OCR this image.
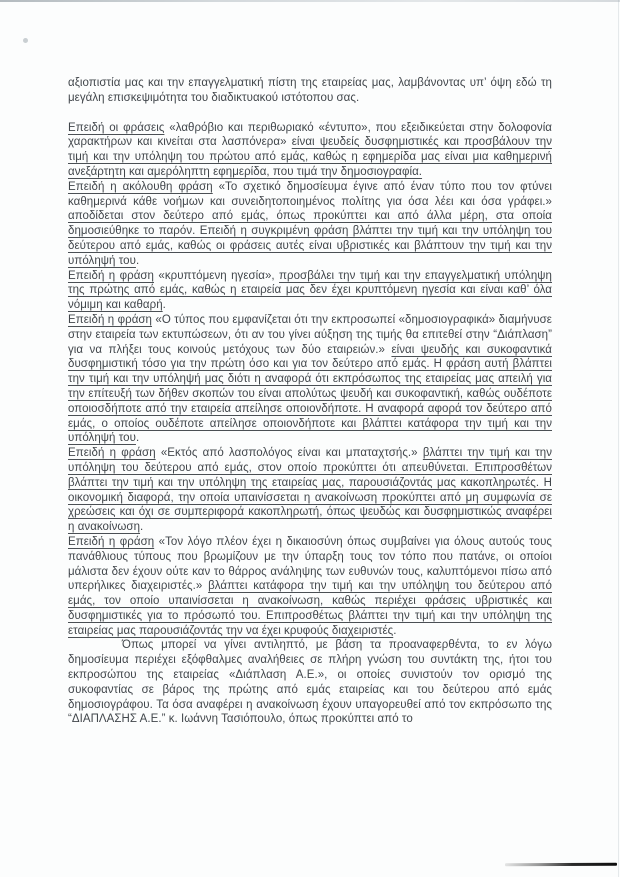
αξιοπιστία μας και την επαγγελματική πίστη της εταιρείας μας, λαμβάνοντας υπ’ όψη εδώ τη μεγάλη επισκεψιμότητα του διαδικτυακού ιστότοπου σας.

Επειδή οι φράσεις «λαθρόβιο και περιθωριακό «έντυπο», που εξειδικεύεται στην δολοφονία χαρακτήρων και κινείται στα λασπόνερα» είναι ψευδείς δυσφημιστικές και προσβάλουν την τιμή και την υπόληψη του πρώτου από εμάς, καθώς η εφημερίδα μας είναι μια καθημερινή ανεξάρτητη και αμερόληπτη εφημερίδα, που τιμά την δημοσιογραφία.

Επειδή η ακόλουθη φράση «Το σχετικό δημοσίευμα έγινε από έναν τύπο που τον φτύνει καθημερινά κάθε νοήμων και συνειδητοποιημένος πολίτης για όσα λέει και όσα γράφει.» αποδίδεται στον δεύτερο από εμάς, όπως προκύπτει και από άλλα μέρη, στα οποία δημοσιεύθηκε το παρόν. Επειδή η συγκριμένη φράση βλάπτει την τιμή και την υπόληψη του δεύτερου από εμάς, καθώς οι φράσεις αυτές είναι υβριστικές και βλάπτουν την τιμή και την υπόληψή του.

Επειδή η φράση «κρυπτόμενη ηγεσία», προσβάλει την τιμή και την επαγγελματική υπόληψη της πρώτης από εμάς, καθώς η εταιρεία μας δεν έχει κρυπτόμενη ηγεσία και είναι καθ’ όλα νόμιμη και καθαρή.

Επειδή η φράση «Ο τύπος που εμφανίζεται ότι την εκπροσωπεί «δημοσιογραφικά» διαμήνυσε στην εταιρεία των εκτυπώσεων, ότι αν του γίνει αύξηση της τιμής θα επιτεθεί στην “Διάπλαση” για να πλήξει τους κοινούς μετόχους των δύο εταιρειών.» είναι ψευδής και συκοφαντικά δυσφημιστική τόσο για την πρώτη όσο και για τον δεύτερο από εμάς. Η φράση αυτή βλάπτει την τιμή και την υπόληψή μας διότι η αναφορά ότι εκπρόσωπος της εταιρείας μας απειλή για την επίτευξή των δήθεν σκοπών του είναι απολύτως ψευδή και συκοφαντική, καθώς ουδέποτε οποιοσδήποτε από την εταιρεία απείλησε οποιονδήποτε. Η αναφορά αφορά τον δεύτερο από εμάς, ο οποίος ουδέποτε απείλησε οποιονδήποτε και βλάπτει κατάφορα την τιμή και την υπόληψή του.

Επειδή η φράση «Εκτός από λασπολόγος είναι και μπαταχτσής.» βλάπτει την τιμή και την υπόληψη του δεύτερου από εμάς, στον οποίο προκύπτει ότι απευθύνεται. Επιπροσθέτων βλάπτει την τιμή και την υπόληψη της εταιρείας μας, παρουσιάζοντάς μας κακοπληρωτές. Η οικονομική διαφορά, την οποία υπαινίσσεται η ανακοίνωση προκύπτει από μη συμφωνία σε χρεώσεις και όχι σε συμπεριφορά κακοπληρωτή, όπως ψευδώς και δυσφημιστικώς αναφέρει η ανακοίνωση.

Επειδή η φράση «Τον λόγο πλέον έχει η δικαιοσύνη όπως συμβαίνει για όλους αυτούς τους πανάθλιους τύπους που βρωμίζουν με την ύπαρξη τους τον τόπο που πατάνε, οι οποίοι μάλιστα δεν έχουν ούτε καν το θάρρος ανάληψης των ευθυνών τους, καλυπτόμενοι πίσω από υπερήλικες διαχειριστές.» βλάπτει κατάφορα την τιμή και την υπόληψη του δεύτερου από εμάς, τον οποίο υπαινίσσεται η ανακοίνωση, καθώς περιέχει φράσεις υβριστικές και δυσφημιστικές για το πρόσωπό του. Επιπροσθέτως βλάπτει την τιμή και την υπόληψη της εταιρείας μας παρουσιάζοντάς την να έχει κρυφούς διαχειριστές.

Όπως μπορεί να γίνει αντιληπτό, με βάση τα προαναφερθέντα, το εν λόγω δημοσίευμα περιέχει εξόφθαλμες αναλήθειες σε πλήρη γνώση του συντάκτη της, ήτοι του εκπροσώπου της εταιρείας «Διάπλαση Α.Ε.», οι οποίες συνιστούν τον ορισμό της συκοφαντίας σε βάρος της πρώτης από εμάς εταιρείας και του δεύτερου από εμάς δημοσιογράφου. Τα όσα αναφέρει η ανακοίνωση έχουν υπαγορευθεί από τον εκπρόσωπο της “ΔΙΑΠΛΑΣΗΣ Α.Ε.” κ. Ιωάννη Τασιόπουλο, όπως προκύπτει από το
